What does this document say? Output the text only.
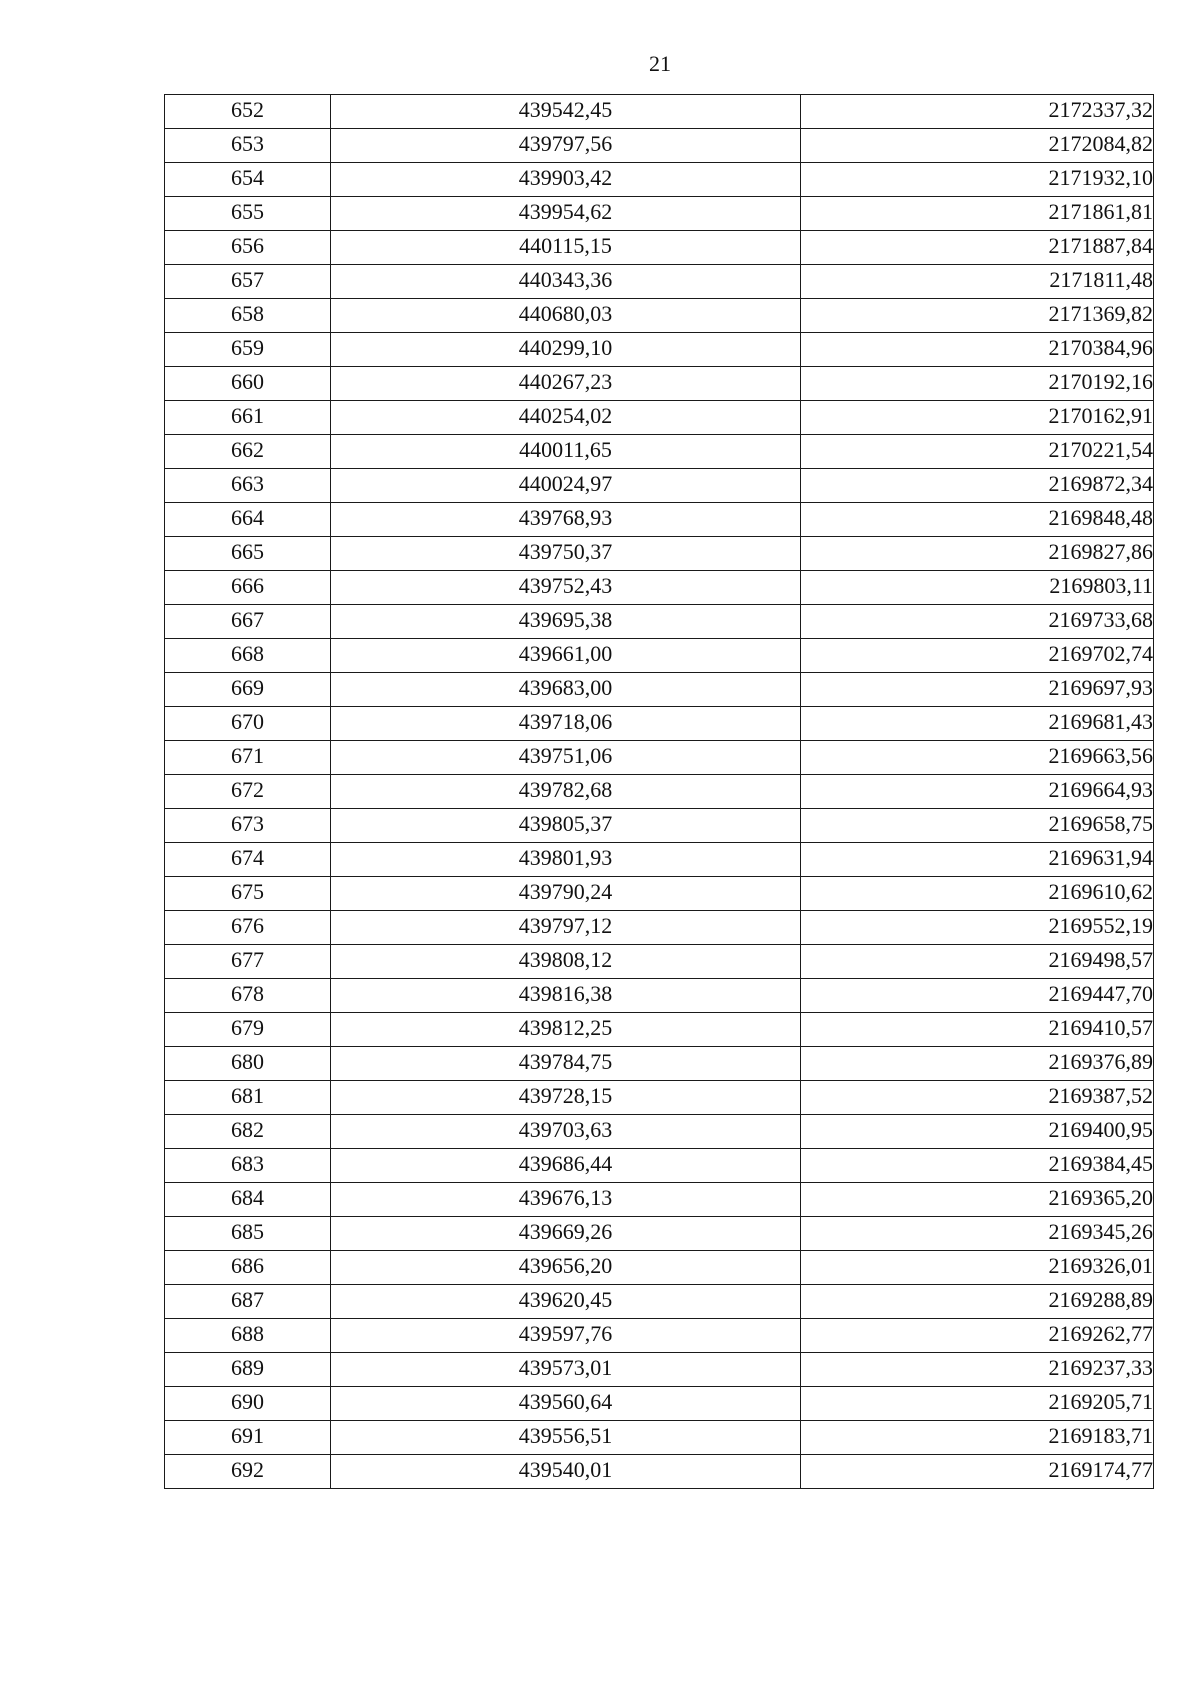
21
652	439542,45	2172337,32
653	439797,56	2172084,82
654	439903,42	2171932,10
655	439954,62	2171861,81
656	440115,15	2171887,84
657	440343,36	2171811,48
658	440680,03	2171369,82
659	440299,10	2170384,96
660	440267,23	2170192,16
661	440254,02	2170162,91
662	440011,65	2170221,54
663	440024,97	2169872,34
664	439768,93	2169848,48
665	439750,37	2169827,86
666	439752,43	2169803,11
667	439695,38	2169733,68
668	439661,00	2169702,74
669	439683,00	2169697,93
670	439718,06	2169681,43
671	439751,06	2169663,56
672	439782,68	2169664,93
673	439805,37	2169658,75
674	439801,93	2169631,94
675	439790,24	2169610,62
676	439797,12	2169552,19
677	439808,12	2169498,57
678	439816,38	2169447,70
679	439812,25	2169410,57
680	439784,75	2169376,89
681	439728,15	2169387,52
682	439703,63	2169400,95
683	439686,44	2169384,45
684	439676,13	2169365,20
685	439669,26	2169345,26
686	439656,20	2169326,01
687	439620,45	2169288,89
688	439597,76	2169262,77
689	439573,01	2169237,33
690	439560,64	2169205,71
691	439556,51	2169183,71
692	439540,01	2169174,77
